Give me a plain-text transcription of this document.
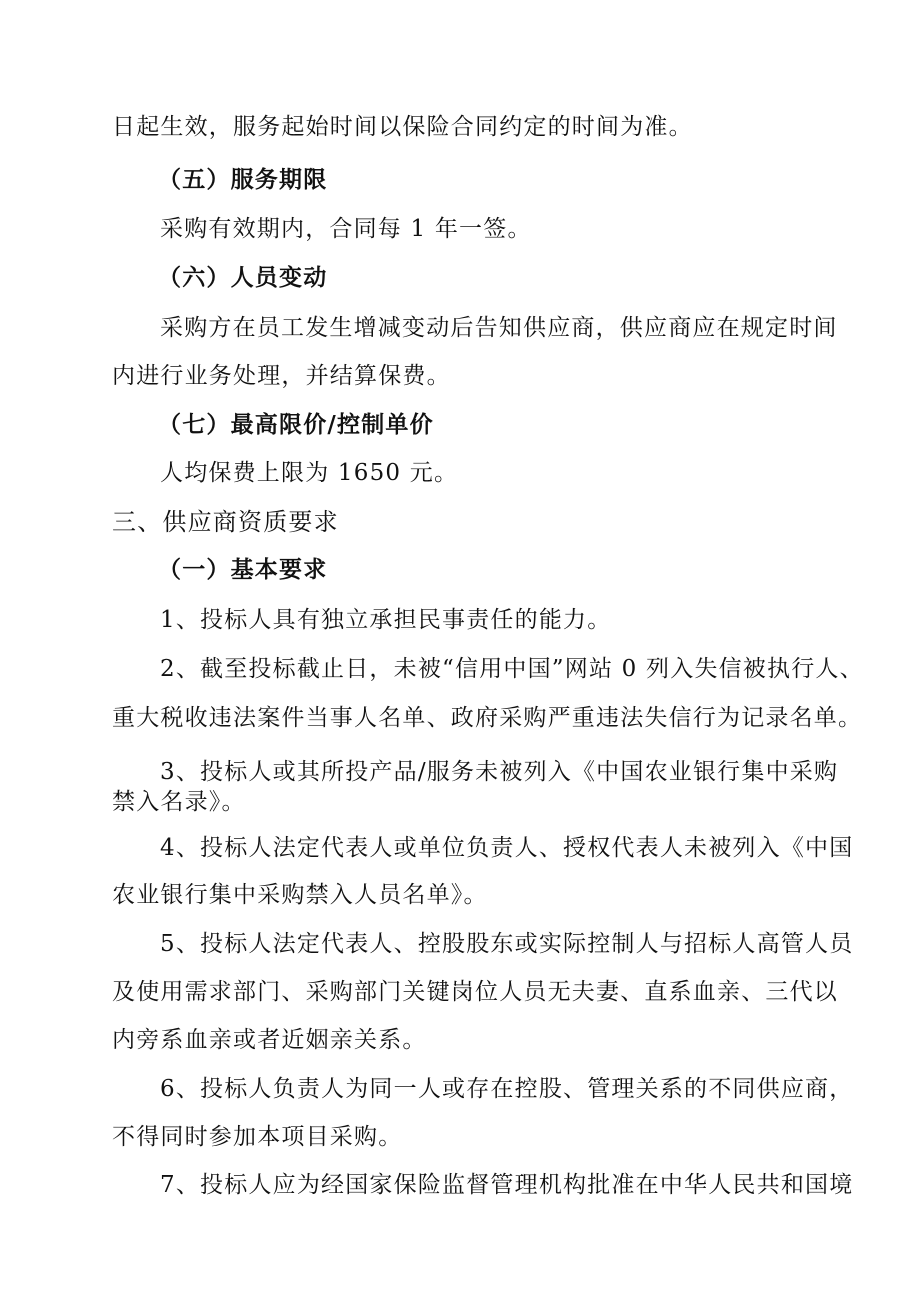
日起生效，服务起始时间以保险合同约定的时间为准。
（五）服务期限
采购有效期内，合同每 1 年一签。
（六）人员变动
采购方在员工发生增减变动后告知供应商，供应商应在规定时间
内进行业务处理，并结算保费。
（七）最高限价/控制单价
人均保费上限为 1650 元。
三、供应商资质要求
（一）基本要求
1、投标人具有独立承担民事责任的能力。
2、截至投标截止日，未被“信用中国”网站 0 列入失信被执行人、
重大税收违法案件当事人名单、政府采购严重违法失信行为记录名单。
3、投标人或其所投产品/服务未被列入《中国农业银行集中采购
禁入名录》。
4、投标人法定代表人或单位负责人、授权代表人未被列入《中国
农业银行集中采购禁入人员名单》。
5、投标人法定代表人、控股股东或实际控制人与招标人高管人员
及使用需求部门、采购部门关键岗位人员无夫妻、直系血亲、三代以
内旁系血亲或者近姻亲关系。
6、投标人负责人为同一人或存在控股、管理关系的不同供应商，
不得同时参加本项目采购。
7、投标人应为经国家保险监督管理机构批准在中华人民共和国境
